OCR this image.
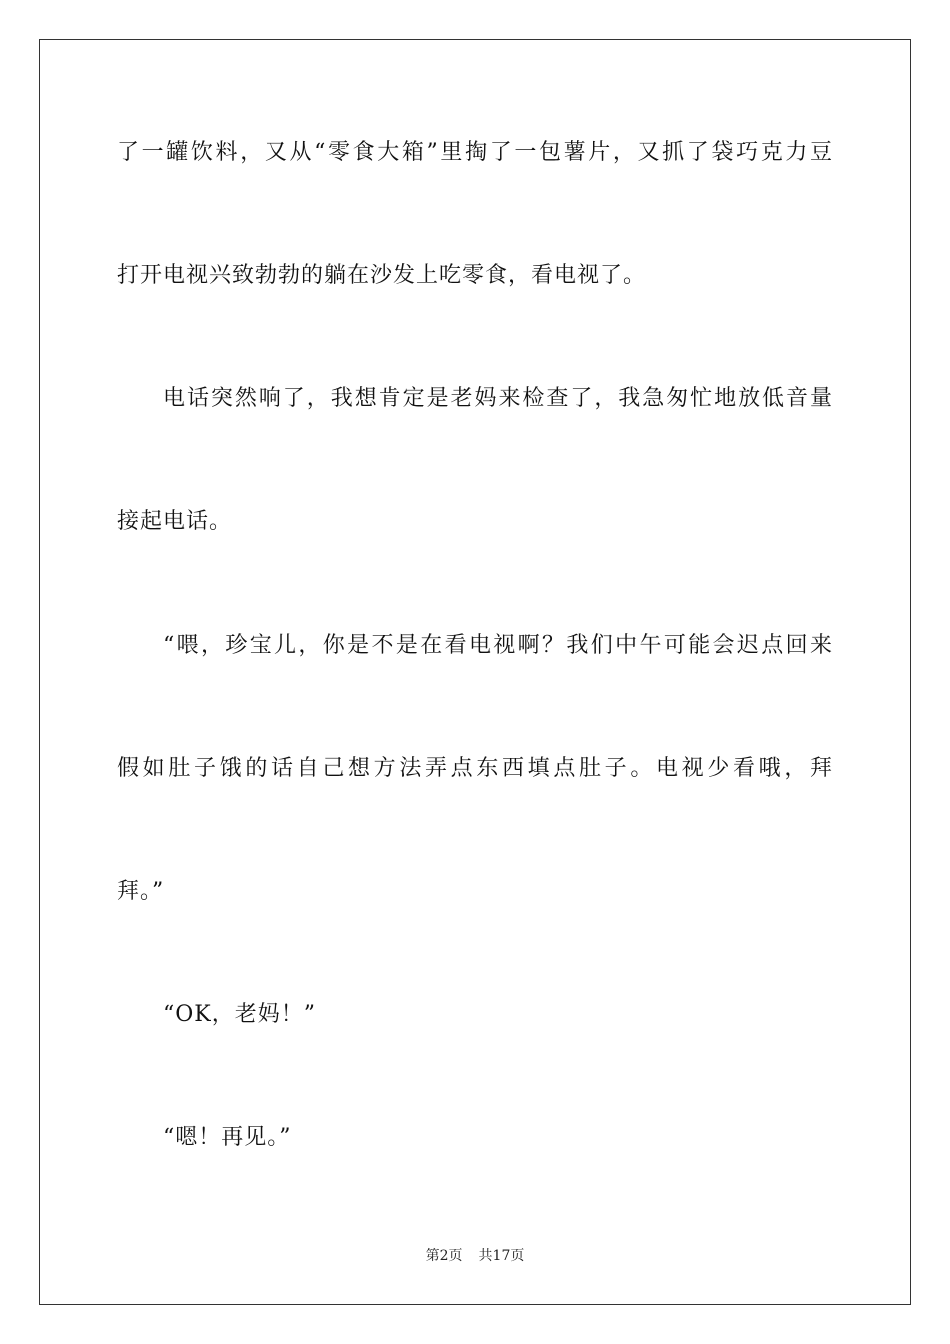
了一罐饮料，又从“零食大箱”里掏了一包薯片，又抓了袋巧克力豆
打开电视兴致勃勃的躺在沙发上吃零食，看电视了。
电话突然响了，我想肯定是老妈来检查了，我急匆忙地放低音量
接起电话。
“喂，珍宝儿，你是不是在看电视啊？我们中午可能会迟点回来
假如肚子饿的话自己想方法弄点东西填点肚子。电视少看哦，拜
拜。”
“OK，老妈！”
“嗯！再见。”
第2页 共17页
